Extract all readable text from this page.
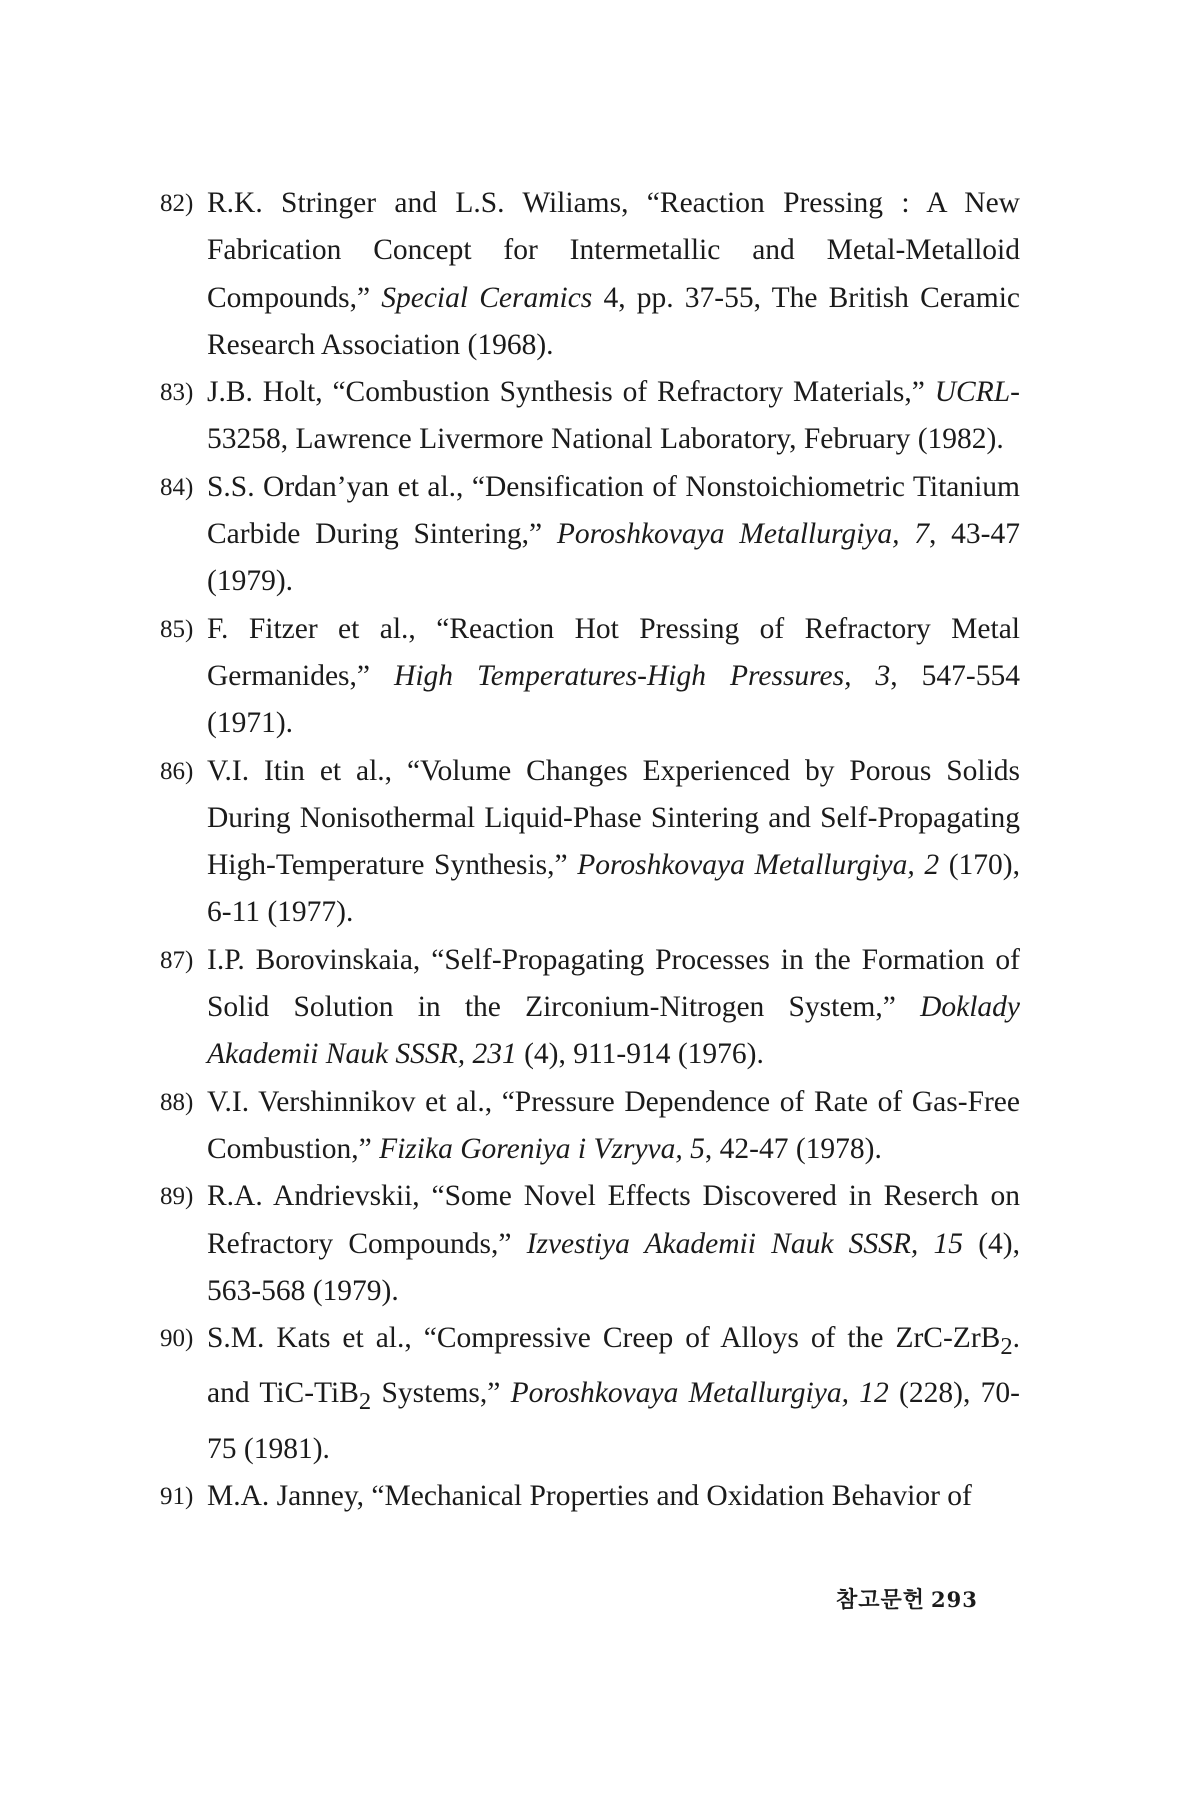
82) R.K. Stringer and L.S. Wiliams, “Reaction Pressing : A New Fabrication Concept for Intermetallic and Metal-Metalloid Compounds,” Special Ceramics 4, pp. 37-55, The British Ceramic Research Association (1968).
83) J.B. Holt, “Combustion Synthesis of Refractory Materials,” UCRL-53258, Lawrence Livermore National Laboratory, February (1982).
84) S.S. Ordan’yan et al., “Densification of Nonstoichiometric Titanium Carbide During Sintering,” Poroshkovaya Metallurgiya, 7, 43-47 (1979).
85) F. Fitzer et al., “Reaction Hot Pressing of Refractory Metal Germanides,” High Temperatures-High Pressures, 3, 547-554 (1971).
86) V.I. Itin et al., “Volume Changes Experienced by Porous Solids During Nonisothermal Liquid-Phase Sintering and Self-Propagating High-Temperature Synthesis,” Poroshkovaya Metallurgiya, 2 (170), 6-11 (1977).
87) I.P. Borovinskaia, “Self-Propagating Processes in the Formation of Solid Solution in the Zirconium-Nitrogen System,” Doklady Akademii Nauk SSSR, 231 (4), 911-914 (1976).
88) V.I. Vershinnikov et al., “Pressure Dependence of Rate of Gas-Free Combustion,” Fizika Goreniya i Vzryva, 5, 42-47 (1978).
89) R.A. Andrievskii, “Some Novel Effects Discovered in Reserch on Refractory Compounds,” Izvestiya Akademii Nauk SSSR, 15 (4), 563-568 (1979).
90) S.M. Kats et al., “Compressive Creep of Alloys of the ZrC-ZrB$_2$. and TiC-TiB$_2$ Systems,” Poroshkovaya Metallurgiya, 12 (228), 70-75 (1981).
91) M.A. Janney, “Mechanical Properties and Oxidation Behavior of
참고문헌 293
